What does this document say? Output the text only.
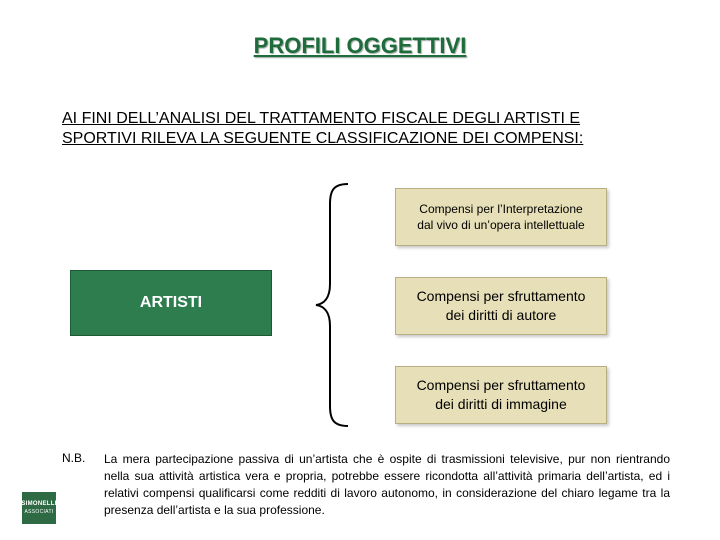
PROFILI OGGETTIVI
AI FINI DELL’ANALISI DEL TRATTAMENTO FISCALE DEGLI ARTISTI E
SPORTIVI RILEVA LA SEGUENTE CLASSIFICAZIONE DEI COMPENSI:
ARTISTI
Compensi per l’Interpretazione
dal vivo di un’opera intellettuale
Compensi per sfruttamento
dei diritti di autore
Compensi per sfruttamento
dei diritti di immagine
N.B. La mera partecipazione passiva di un’artista che è ospite di trasmissioni televisive, pur non rientrando nella sua attività artistica vera e propria, potrebbe essere ricondotta all’attività primaria dell’artista, ed i relativi compensi qualificarsi come redditi di lavoro autonomo, in considerazione del chiaro legame tra la presenza dell’artista e la sua professione.
SIMONELLI
ASSOCIATI
